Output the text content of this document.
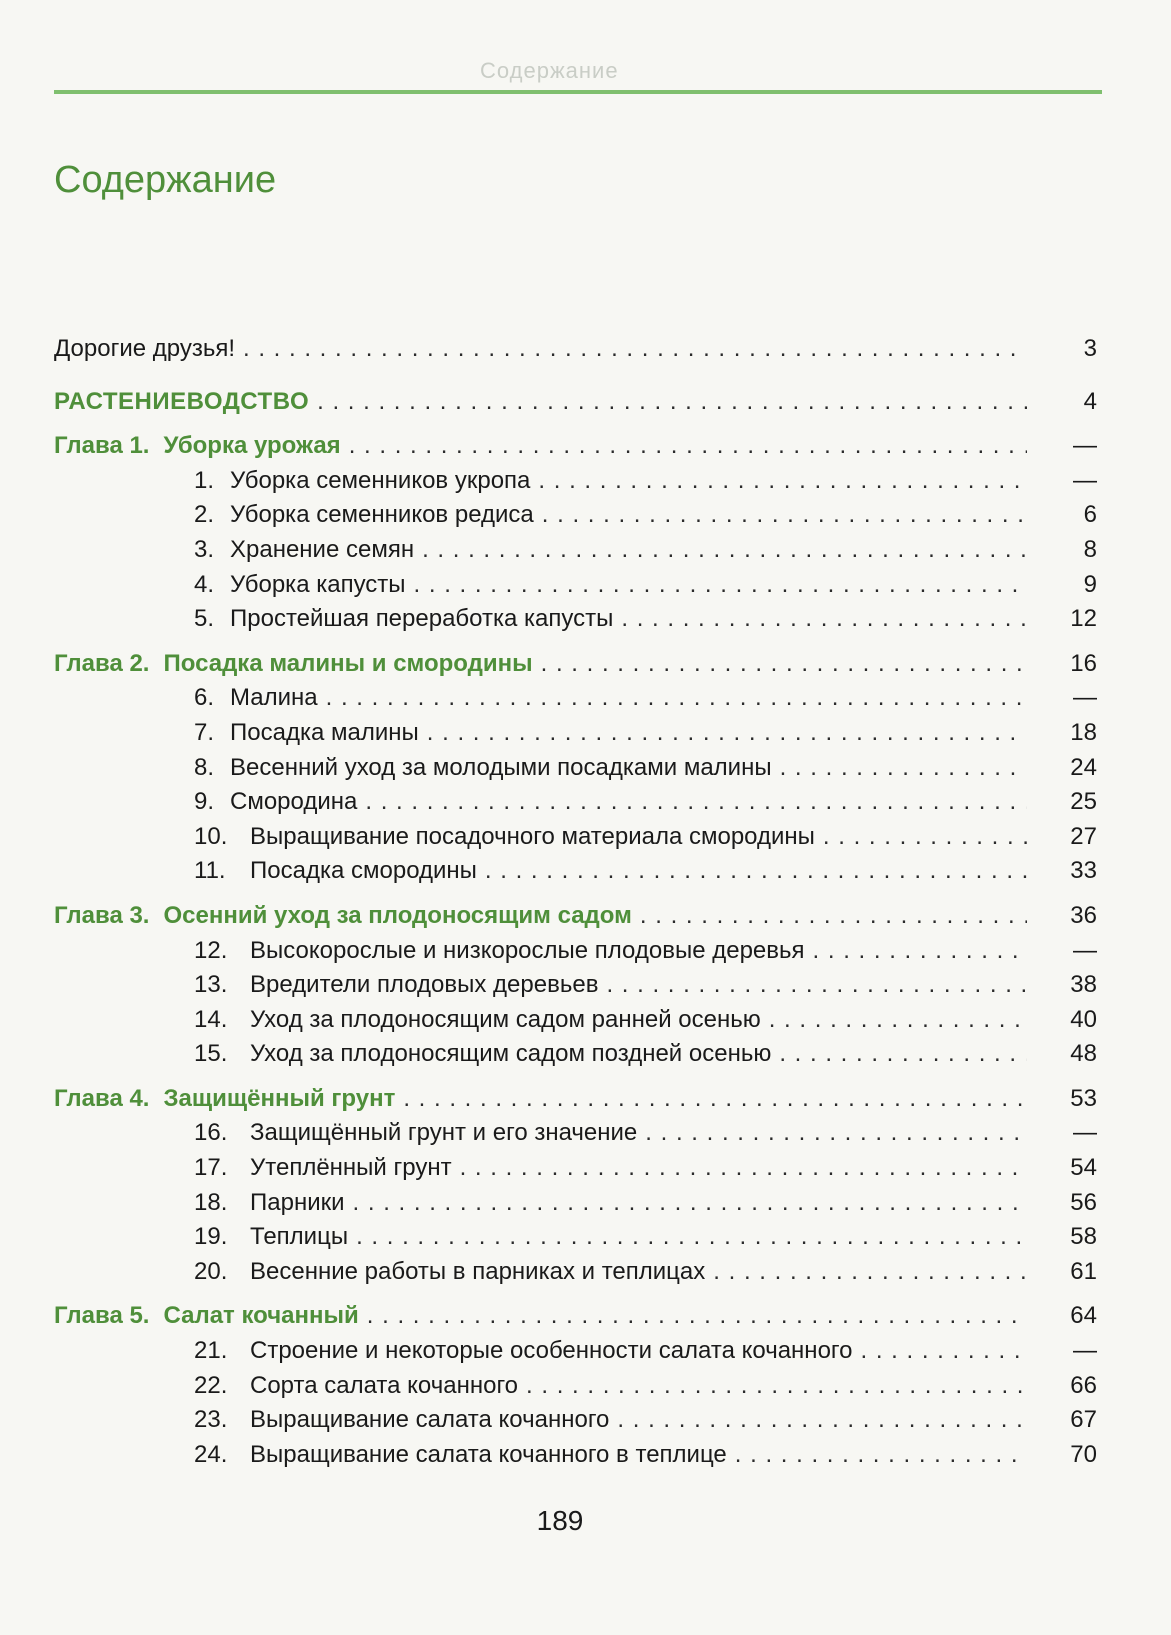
Содержание
Содержание
Дорогие друзья! . . .	3
РАСТЕНИЕВОДСТВО . . .	4
Глава 1. Уборка урожая . . .	—
1. Уборка семенников укропа . . .	—
2. Уборка семенников редиса . . .	6
3. Хранение семян . . .	8
4. Уборка капусты . . .	9
5. Простейшая переработка капусты . . .	12
Глава 2. Посадка малины и смородины . . .	16
6. Малина . . .	—
7. Посадка малины . . .	18
8. Весенний уход за молодыми посадками малины . . .	24
9. Смородина . . .	25
10. Выращивание посадочного материала смородины . . .	27
11.	Посадка смородины . . .	33
Глава 3. Осенний уход за плодоносящим садом . . .	36
12. Высокорослые и низкорослые плодовые деревья . . .	—
13. Вредители плодовых деревьев . . .	38
14. Уход за плодоносящим садом ранней осенью . . .	40
15. Уход за плодоносящим садом поздней осенью . . .	48
Глава 4. Защищённый грунт . . .	53
16. Защищённый грунт и его значение . . .	—
17. Утеплённый грунт . . .	54
18. Парники . . .	56
19. Теплицы . . .	58
20. Весенние работы в парниках и теплицах . . .	61
Глава 5. Салат кочанный . . .	64
21. Строение и некоторые особенности салата кочанного . . .	—
22. Сорта салата кочанного . . .	66
23. Выращивание салата кочанного . . .	67
24. Выращивание салата кочанного в теплице . . .	70
189
